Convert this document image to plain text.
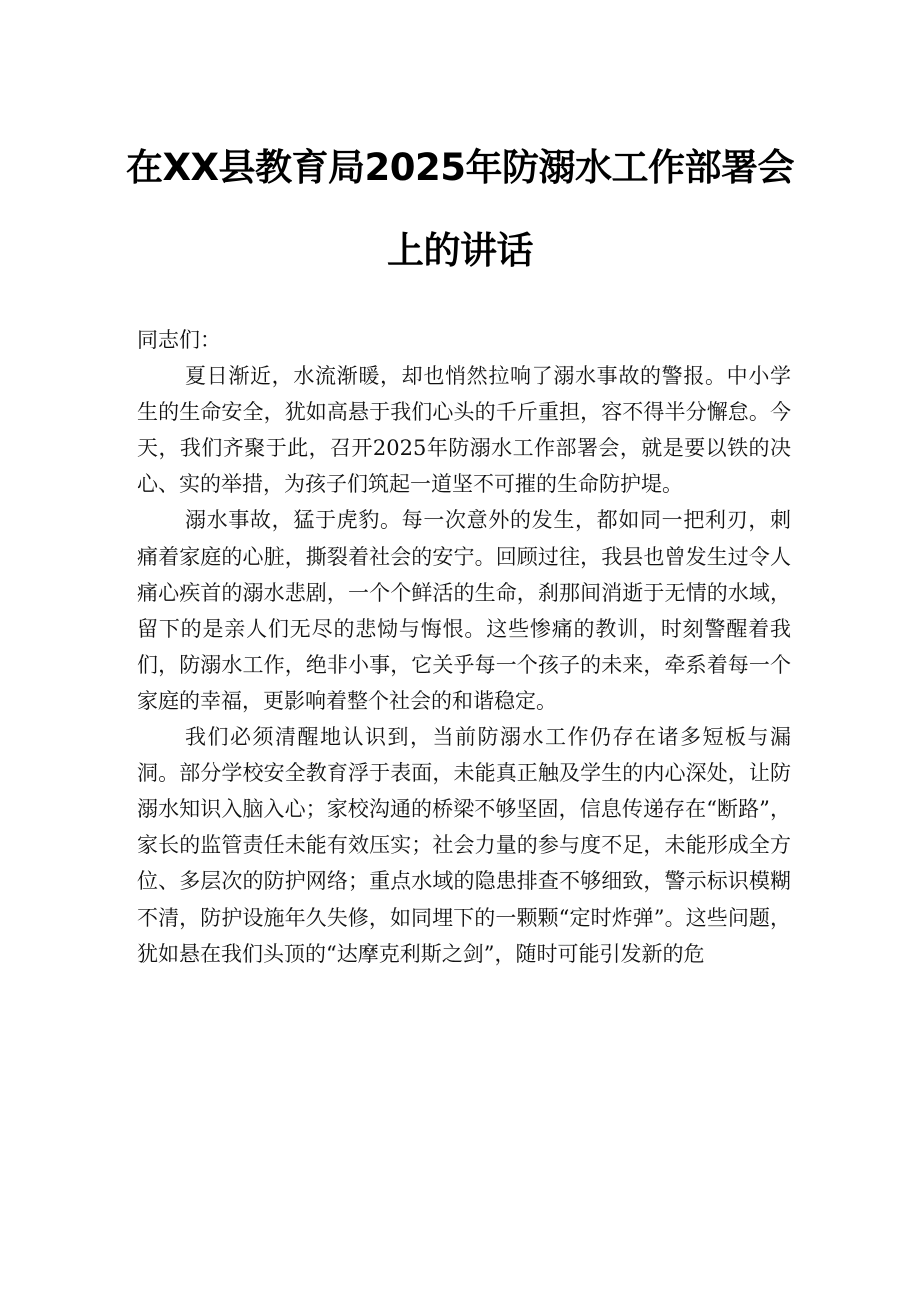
在XX县教育局2025年防溺水工作部署会
上的讲话

同志们：

夏日渐近，水流渐暖，却也悄然拉响了溺水事故的警报。中小学生的生命安全，犹如高悬于我们心头的千斤重担，容不得半分懈怠。今天，我们齐聚于此，召开2025年防溺水工作部署会，就是要以铁的决心、实的举措，为孩子们筑起一道坚不可摧的生命防护堤。

溺水事故，猛于虎豹。每一次意外的发生，都如同一把利刃，刺痛着家庭的心脏，撕裂着社会的安宁。回顾过往，我县也曾发生过令人痛心疾首的溺水悲剧，一个个鲜活的生命，刹那间消逝于无情的水域，留下的是亲人们无尽的悲恸与悔恨。这些惨痛的教训，时刻警醒着我们，防溺水工作，绝非小事，它关乎每一个孩子的未来，牵系着每一个家庭的幸福，更影响着整个社会的和谐稳定。

我们必须清醒地认识到，当前防溺水工作仍存在诸多短板与漏洞。部分学校安全教育浮于表面，未能真正触及学生的内心深处，让防溺水知识入脑入心；家校沟通的桥梁不够坚固，信息传递存在“断路”，家长的监管责任未能有效压实；社会力量的参与度不足，未能形成全方位、多层次的防护网络；重点水域的隐患排查不够细致，警示标识模糊不清，防护设施年久失修，如同埋下的一颗颗“定时炸弹”。这些问题，犹如悬在我们头顶的“达摩克利斯之剑”，随时可能引发新的危
